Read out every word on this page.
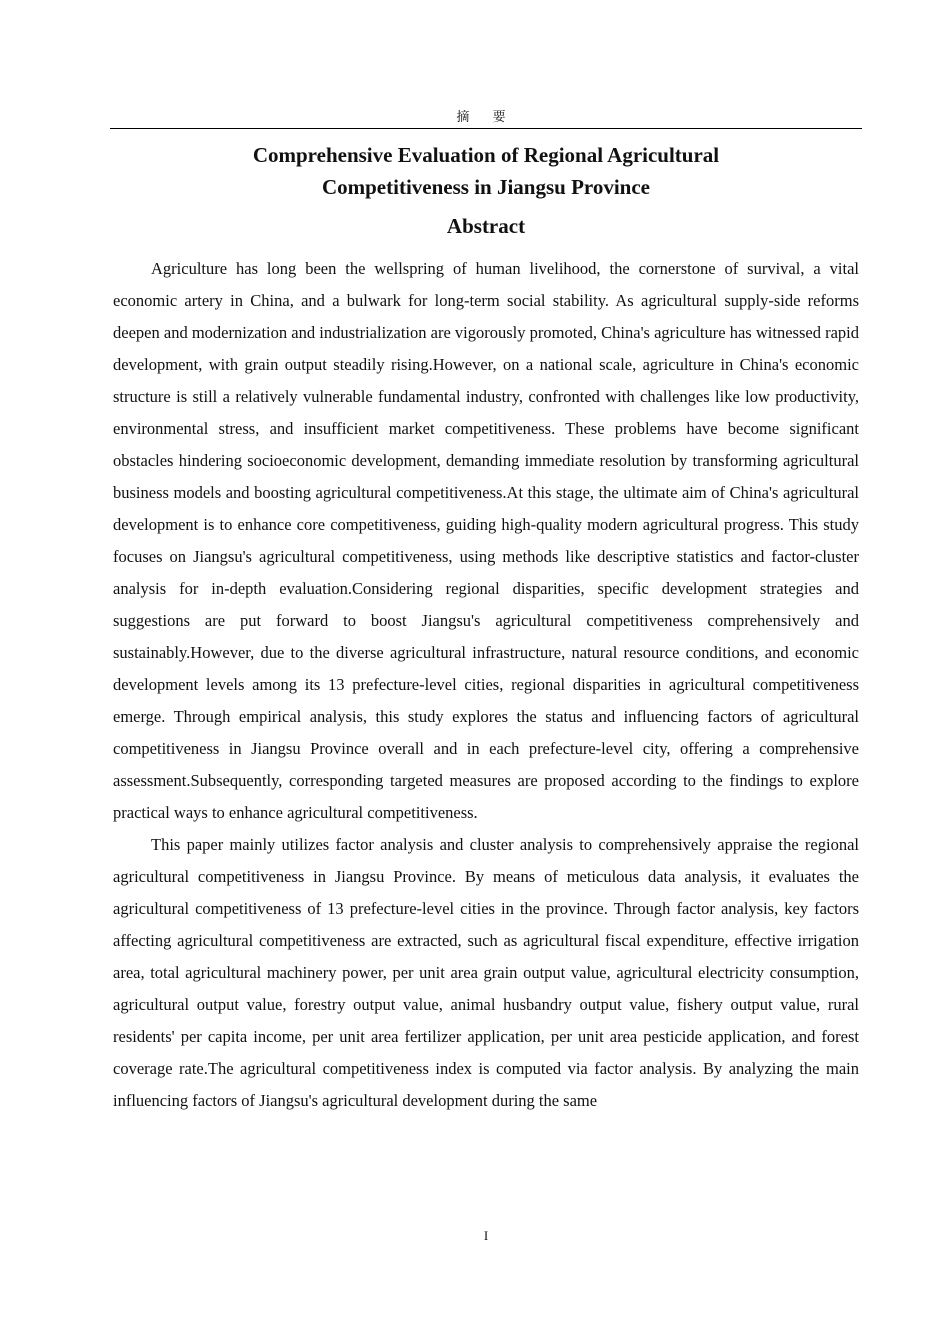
摘 要
Comprehensive Evaluation of Regional Agricultural
Competitiveness in Jiangsu Province
Abstract

Agriculture has long been the wellspring of human livelihood, the cornerstone of survival, a vital economic artery in China, and a bulwark for long-term social stability. As agricultural supply-side reforms deepen and modernization and industrialization are vigorously promoted, China's agriculture has witnessed rapid development, with grain output steadily rising.However, on a national scale, agriculture in China's economic structure is still a relatively vulnerable fundamental industry, confronted with challenges like low productivity, environmental stress, and insufficient market competitiveness. These problems have become significant obstacles hindering socioeconomic development, demanding immediate resolution by transforming agricultural business models and boosting agricultural competitiveness.At this stage, the ultimate aim of China's agricultural development is to enhance core competitiveness, guiding high-quality modern agricultural progress. This study focuses on Jiangsu's agricultural competitiveness, using methods like descriptive statistics and factor-cluster analysis for in-depth evaluation.Considering regional disparities, specific development strategies and suggestions are put forward to boost Jiangsu's agricultural competitiveness comprehensively and sustainably.However, due to the diverse agricultural infrastructure, natural resource conditions, and economic development levels among its 13 prefecture-level cities, regional disparities in agricultural competitiveness emerge. Through empirical analysis, this study explores the status and influencing factors of agricultural competitiveness in Jiangsu Province overall and in each prefecture-level city, offering a comprehensive assessment.Subsequently, corresponding targeted measures are proposed according to the findings to explore practical ways to enhance agricultural competitiveness.

This paper mainly utilizes factor analysis and cluster analysis to comprehensively appraise the regional agricultural competitiveness in Jiangsu Province. By means of meticulous data analysis, it evaluates the agricultural competitiveness of 13 prefecture-level cities in the province. Through factor analysis, key factors affecting agricultural competitiveness are extracted, such as agricultural fiscal expenditure, effective irrigation area, total agricultural machinery power, per unit area grain output value, agricultural electricity consumption, agricultural output value, forestry output value, animal husbandry output value, fishery output value, rural residents' per capita income, per unit area fertilizer application, per unit area pesticide application, and forest coverage rate.The agricultural competitiveness index is computed via factor analysis. By analyzing the main influencing factors of Jiangsu's agricultural development during the same

I
